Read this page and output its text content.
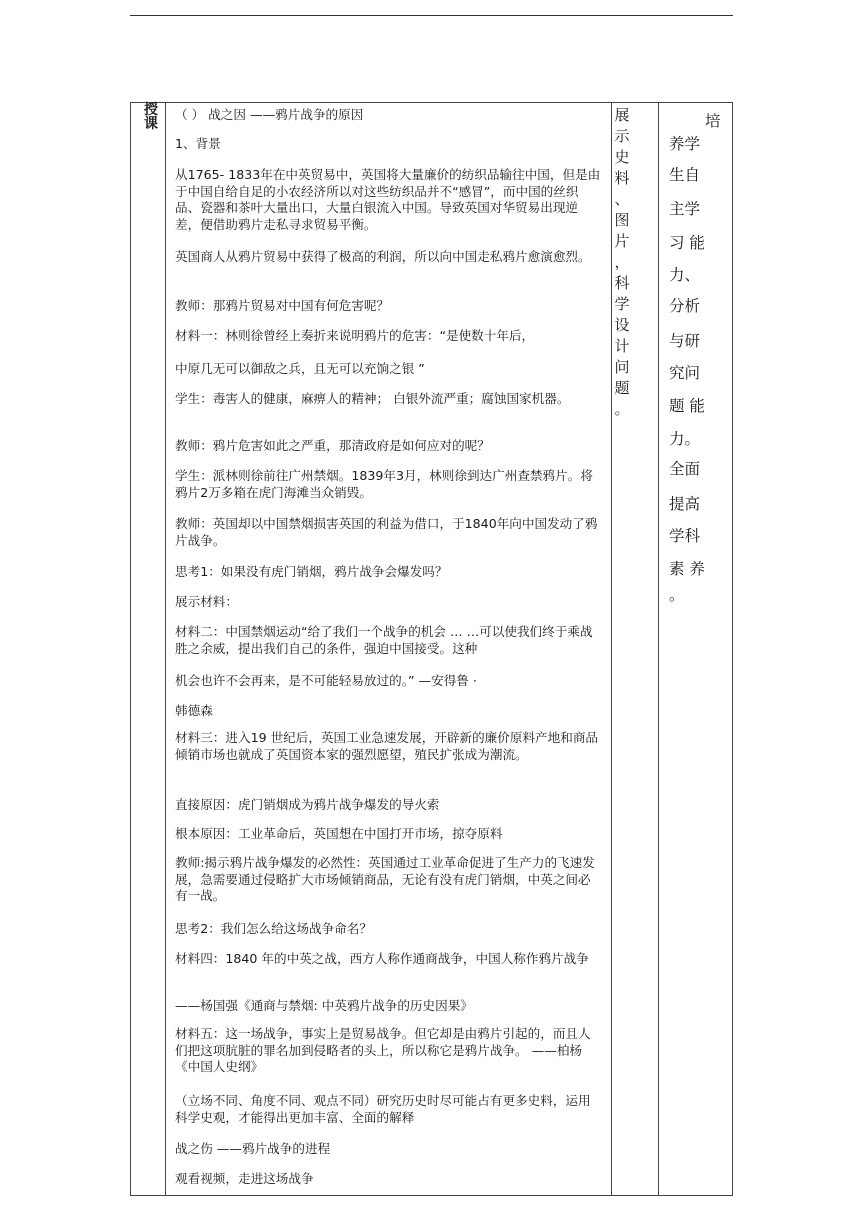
授
课

（ ） 战之因 ——鸦片战争的原因

1、背景

从1765- 1833年在中英贸易中，英国将大量廉价的纺织品输往中国，但是由于中国自给自足的小农经济所以对这些纺织品并不“感冒”，而中国的丝织品、瓷器和茶叶大量出口，大量白银流入中国。导致英国对华贸易出现逆差，便借助鸦片走私寻求贸易平衡。

英国商人从鸦片贸易中获得了极高的利润，所以向中国走私鸦片愈演愈烈。

教师：那鸦片贸易对中国有何危害呢？

材料一：林则徐曾经上奏折来说明鸦片的危害：“是使数十年后，

中原几无可以御敌之兵，且无可以充饷之银 ”

学生：毒害人的健康，麻痹人的精神； 白银外流严重；腐蚀国家机器。

教师：鸦片危害如此之严重，那清政府是如何应对的呢？

学生：派林则徐前往广州禁烟。1839年3月，林则徐到达广州查禁鸦片。将鸦片2万多箱在虎门海滩当众销毁。

教师：英国却以中国禁烟损害英国的利益为借口，于1840年向中国发动了鸦片战争。

思考1：如果没有虎门销烟，鸦片战争会爆发吗？

展示材料：

材料二：中国禁烟运动“给了我们一个战争的机会 … …可以使我们终于乘战胜之余威，提出我们自己的条件，强迫中国接受。这种

机会也许不会再来，是不可能轻易放过的。” —安得鲁 ·

韩德森

材料三：进入19 世纪后，英国工业急速发展，开辟新的廉价原料产地和商品倾销市场也就成了英国资本家的强烈愿望，殖民扩张成为潮流。

直接原因：虎门销烟成为鸦片战争爆发的导火索

根本原因：工业革命后，英国想在中国打开市场，掠夺原料

教师:揭示鸦片战争爆发的必然性：英国通过工业革命促进了生产力的飞速发展，急需要通过侵略扩大市场倾销商品，无论有没有虎门销烟，中英之间必有一战。

思考2：我们怎么给这场战争命名？

材料四：1840 年的中英之战，西方人称作通商战争，中国人称作鸦片战争

——杨国强《通商与禁烟: 中英鸦片战争的历史因果》

材料五：这一场战争，事实上是贸易战争。但它却是由鸦片引起的，而且人们把这项肮脏的罪名加到侵略者的头上，所以称它是鸦片战争。 ——柏杨《中国人史纲》

（立场不同、角度不同、观点不同）研究历史时尽可能占有更多史料，运用科学史观，才能得出更加丰富、全面的解释

战之伤 ——鸦片战争的进程

观看视频，走进这场战争

展
示
史
料
、
图
片
，
科
学
设
计
问
题
。

培

养学

生自

主学

习 能

力、

分析

与研

究问

题 能

力。

全面

提高

学科

素 养

。
